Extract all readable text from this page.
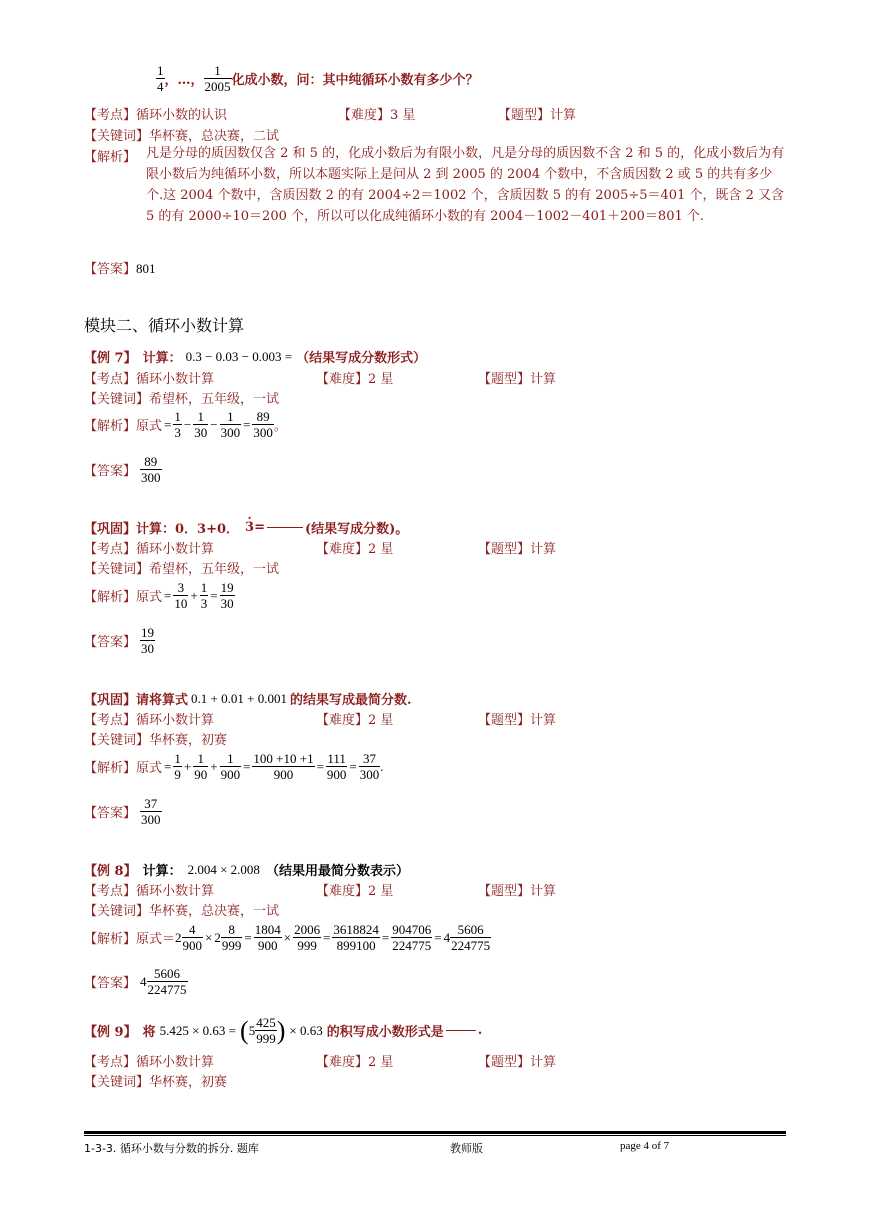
$\frac{1}{4}$ ，…， $\frac{1}{2005}$ 化成小数，问：其中纯循环小数有多少个？
【考点】循环小数的认识	【难度】3 星	【题型】计算
【关键词】华杯赛，总决赛，二试
【解析】 凡是分母的质因数仅含 2 和 5 的，化成小数后为有限小数，凡是分母的质因数不含 2 和 5 的，化成小数后为有限小数后为纯循环小数，所以本题实际上是问从 2 到 2005 的 2004 个数中，不含质因数 2 或 5 的共有多少个.这 2004 个数中，含质因数 2 的有 2004÷2＝1002 个，含质因数 5 的有 2005÷5＝401 个，既含 2 又含 5 的有 2000÷10＝200 个，所以可以化成纯循环小数的有 2004－1002－401＋200＝801 个.
【答案】801
模块二、循环小数计算
【例 7】 计算： 0.3 − 0.03 − 0.003 = （结果写成分数形式）
【考点】循环小数计算	【难度】2 星	【题型】计算
【关键词】希望杯，五年级，一试
【解析】 原式 = $\frac{1}{3} - \frac{1}{30} - \frac{1}{300} = \frac{89}{300}$ 。
【答案】 $\frac{89}{300}$
【巩固】 计算：0．3+0．
· 3 =	(结果写成分数)。
【考点】循环小数计算	【难度】2 星	【题型】计算
【关键词】希望杯，五年级，一试
【解析】 原式 = $\frac{3}{10} + \frac{1}{3} = \frac{19}{30}$
【答案】 $\frac{19}{30}$
【巩固】 请将算式 0.1 + 0.01 + 0.001 的结果写成最简分数.
【考点】循环小数计算	【难度】2 星	【题型】计算
【关键词】华杯赛，初赛
【解析】 原式 = $\frac{1}{9} + \frac{1}{90} + \frac{1}{900} = \frac{100 +10 +1}{900} = \frac{111}{900} = \frac{37}{300}$ .
【答案】 $\frac{37}{300}$
【例 8】 计算： 2.004 × 2.008 （结果用最简分数表示）
【考点】循环小数计算	【难度】2 星	【题型】计算
【关键词】华杯赛，总决赛，一试
【解析】 原式＝ $2 \frac{4}{900} \times 2 \frac{8}{999} = \frac{1804}{900} \times \frac{2006}{999} = \frac{3618824}{899100} = \frac{904706}{224775} = 4 \frac{5606}{224775}$
【答案】 $4 \frac{5606}{224775}$
【例 9】 将 5.425 × 0.63 = ( $5 \frac{425}{999}$ ) × 0.63 的积写成小数形式是	.
【考点】循环小数计算	【难度】2 星	【题型】计算
【关键词】华杯赛，初赛
1-3-3. 循环小数与分数的拆分. 题库	教师版	page 4 of 7
